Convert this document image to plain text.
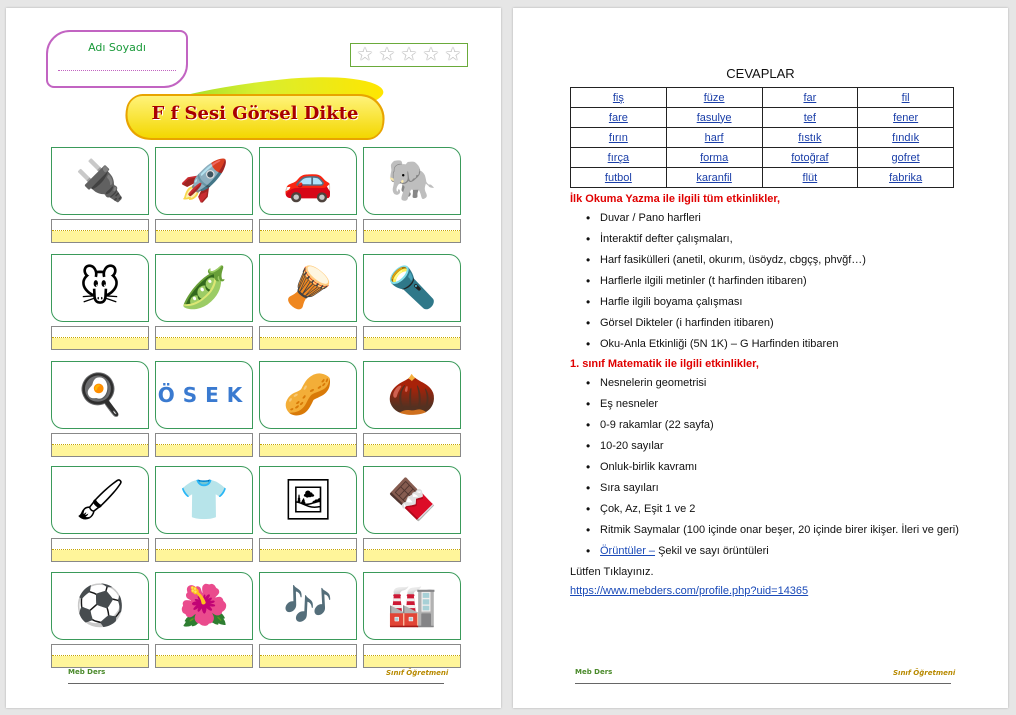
Adı Soyadı	★ ★ ★ ★ ★
F f Sesi Görsel Dikte
🔌 🚀 🚗 🐘
🐭 🫛 🪘 🔦
🍳 ÖSEK 🥜 🌰
🖌 👕 🖼 🍫
⚽ 🌺 🎶 🏭
Meb Ders	Sınıf Öğretmeni
CEVAPLAR
fiş	füze	far	fil
fare	fasulye	tef	fener
fırın	harf	fıstık	fındık
fırça	forma	fotoğraf	gofret
futbol	karanfil	flüt	fabrika
İlk Okuma Yazma ile ilgili tüm etkinlikler,
• Duvar / Pano harfleri
• İnteraktif defter çalışmaları,
• Harf fasikülleri (anetil, okurım, üsöydz, cbgçş, phvğf…)
• Harflerle ilgili metinler (t harfinden itibaren)
• Harfle ilgili boyama çalışması
• Görsel Dikteler (i harfinden itibaren)
• Oku-Anla Etkinliği (5N 1K) – G Harfinden itibaren
1. sınıf Matematik ile ilgili etkinlikler,
• Nesnelerin geometrisi
• Eş nesneler
• 0-9 rakamlar (22 sayfa)
• 10-20 sayılar
• Onluk-birlik kavramı
• Sıra sayıları
• Çok, Az, Eşit 1 ve 2
• Ritmik Saymalar (100 içinde onar beşer, 20 içinde birer ikişer. İleri ve geri)
• Örüntüler – Şekil ve sayı örüntüleri
Lütfen Tıklayınız.
https://www.mebders.com/profile.php?uid=14365
Meb Ders	Sınıf Öğretmeni
